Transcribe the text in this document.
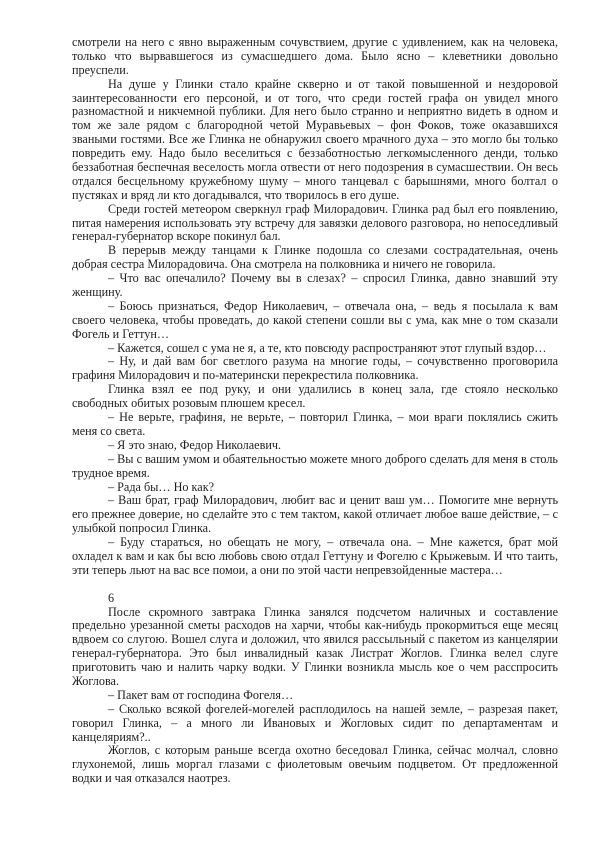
смотрели на него с явно выраженным сочувствием, другие с удивлением, как на человека,
только что вырвавшегося из сумасшедшего дома. Было ясно – клеветники довольно
преуспели.
На душе у Глинки стало крайне скверно и от такой повышенной и нездоровой
заинтересованности его персоной, и от того, что среди гостей графа он увидел много
разномастной и никчемной публики. Для него было странно и неприятно видеть в одном и
том же зале рядом с благородной четой Муравьевых – фон Фоков, тоже оказавшихся
зваными гостями. Все же Глинка не обнаружил своего мрачного духа – это могло бы только
повредить ему. Надо было веселиться с беззаботностью легкомысленного денди, только
беззаботная беспечная веселость могла отвести от него подозрения в сумасшествии. Он весь
отдался бесцельному кружебному шуму – много танцевал с барышнями, много болтал о
пустяках и вряд ли кто догадывался, что творилось в его душе.
Среди гостей метеором сверкнул граф Милорадович. Глинка рад был его появлению,
питая намерения использовать эту встречу для завязки делового разговора, но непоседливый
генерал-губернатор вскоре покинул бал.
В перерыв между танцами к Глинке подошла со слезами сострадательная, очень
добрая сестра Милорадовича. Она смотрела на полковника и ничего не говорила.
– Что вас опечалило? Почему вы в слезах? – спросил Глинка, давно знавший эту
женщину.
– Боюсь признаться, Федор Николаевич, – отвечала она, – ведь я посылала к вам
своего человека, чтобы проведать, до какой степени сошли вы с ума, как мне о том сказали
Фогель и Геттун…
– Кажется, сошел с ума не я, а те, кто повсюду распространяют этот глупый вздор…
– Ну, и дай вам бог светлого разума на многие годы, – сочувственно проговорила
графиня Милорадович и по-матерински перекрестила полковника.
Глинка взял ее под руку, и они удалились в конец зала, где стояло несколько
свободных обитых розовым плюшем кресел.
– Не верьте, графиня, не верьте, – повторил Глинка, – мои враги поклялись сжить
меня со света.
– Я это знаю, Федор Николаевич.
– Вы с вашим умом и обаятельностью можете много доброго сделать для меня в столь
трудное время.
– Рада бы… Но как?
– Ваш брат, граф Милорадович, любит вас и ценит ваш ум… Помогите мне вернуть
его прежнее доверие, но сделайте это с тем тактом, какой отличает любое ваше действие, – с
улыбкой попросил Глинка.
– Буду стараться, но обещать не могу, – отвечала она. – Мне кажется, брат мой
охладел к вам и как бы всю любовь свою отдал Геттуну и Фогелю с Крыжевым. И что таить,
эти теперь льют на вас все помои, а они по этой части непревзойденные мастера…
6
После скромного завтрака Глинка занялся подсчетом наличных и составление
предельно урезанной сметы расходов на харчи, чтобы как-нибудь прокормиться еще месяц
вдвоем со слугою. Вошел слуга и доложил, что явился рассыльный с пакетом из канцелярии
генерал-губернатора. Это был инвалидный казак Листрат Жоглов. Глинка велел слуге
приготовить чаю и налить чарку водки. У Глинки возникла мысль кое о чем расспросить
Жоглова.
– Пакет вам от господина Фогеля…
– Сколько всякой фогелей-могелей расплодилось на нашей земле, – разрезая пакет,
говорил Глинка, – а много ли Ивановых и Жогловых сидит по департаментам и
канцеляриям?..
Жоглов, с которым раньше всегда охотно беседовал Глинка, сейчас молчал, словно
глухонемой, лишь моргал глазами с фиолетовым овечьим подцветом. От предложенной
водки и чая отказался наотрез.
